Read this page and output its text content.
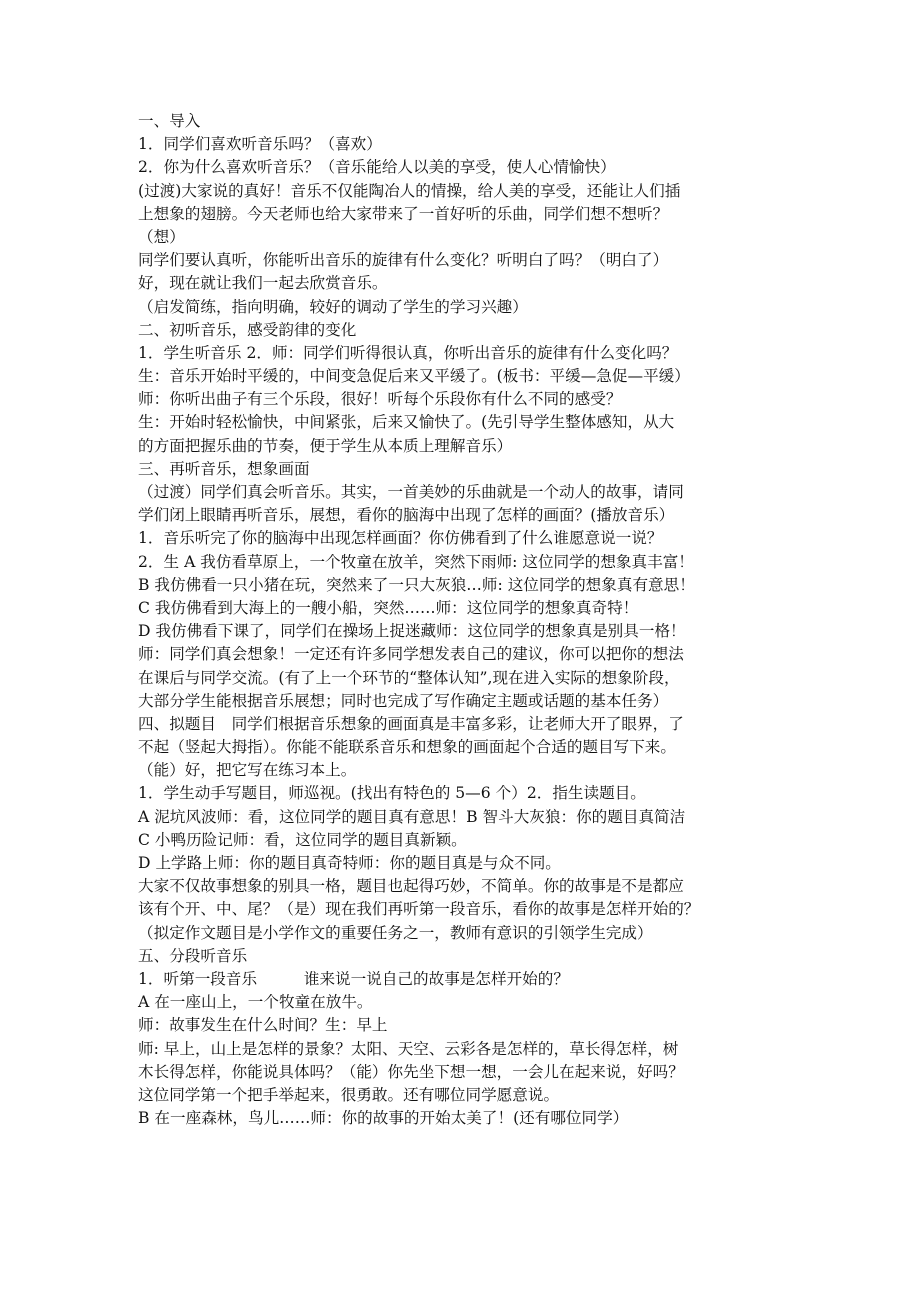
一、导入
1．同学们喜欢听音乐吗？（喜欢）
2．你为什么喜欢听音乐？（音乐能给人以美的享受，使人心情愉快）
(过渡)大家说的真好！音乐不仅能陶冶人的情操，给人美的享受，还能让人们插
上想象的翅膀。今天老师也给大家带来了一首好听的乐曲，同学们想不想听？
（想）
同学们要认真听，你能听出音乐的旋律有什么变化？听明白了吗？（明白了）
好，现在就让我们一起去欣赏音乐。
（启发简练，指向明确，较好的调动了学生的学习兴趣）
二、初听音乐，感受韵律的变化
1．学生听音乐 2．师：同学们听得很认真，你听出音乐的旋律有什么变化吗？
生：音乐开始时平缓的，中间变急促后来又平缓了。(板书：平缓—急促—平缓）
师：你听出曲子有三个乐段，很好！听每个乐段你有什么不同的感受？
生：开始时轻松愉快，中间紧张，后来又愉快了。(先引导学生整体感知，从大
的方面把握乐曲的节奏，便于学生从本质上理解音乐）
三、再听音乐，想象画面
（过渡）同学们真会听音乐。其实，一首美妙的乐曲就是一个动人的故事，请同
学们闭上眼睛再听音乐，展想，看你的脑海中出现了怎样的画面？(播放音乐）
1．音乐听完了你的脑海中出现怎样画面？你仿佛看到了什么谁愿意说一说？
2．生 A 我仿看草原上，一个牧童在放羊，突然下雨师: 这位同学的想象真丰富！
B 我仿佛看一只小猪在玩，突然来了一只大灰狼…师: 这位同学的想象真有意思！
C 我仿佛看到大海上的一艘小船，突然……师：这位同学的想象真奇特！
D 我仿佛看下课了，同学们在操场上捉迷藏师：这位同学的想象真是别具一格！
师：同学们真会想象！一定还有许多同学想发表自己的建议，你可以把你的想法
在课后与同学交流。(有了上一个环节的“整体认知”,现在进入实际的想象阶段，
大部分学生能根据音乐展想；同时也完成了写作确定主题或话题的基本任务）
四、拟题目　同学们根据音乐想象的画面真是丰富多彩，让老师大开了眼界，了
不起（竖起大拇指）。你能不能联系音乐和想象的画面起个合适的题目写下来。
（能）好，把它写在练习本上。
1．学生动手写题目，师巡视。(找出有特色的 5—6 个）2．指生读题目。
A 泥坑风波师：看，这位同学的题目真有意思！B 智斗大灰狼：你的题目真简洁
C 小鸭历险记师：看，这位同学的题目真新颖。
D 上学路上师：你的题目真奇特师：你的题目真是与众不同。
大家不仅故事想象的别具一格，题目也起得巧妙，不简单。你的故事是不是都应
该有个开、中、尾？（是）现在我们再听第一段音乐，看你的故事是怎样开始的？
（拟定作文题目是小学作文的重要任务之一，教师有意识的引领学生完成）
五、分段听音乐
1．听第一段音乐　　　谁来说一说自己的故事是怎样开始的？
A 在一座山上，一个牧童在放牛。
师：故事发生在什么时间？生：早上
师: 早上，山上是怎样的景象？太阳、天空、云彩各是怎样的，草长得怎样，树
木长得怎样，你能说具体吗？（能）你先坐下想一想，一会儿在起来说，好吗？
这位同学第一个把手举起来，很勇敢。还有哪位同学愿意说。
B 在一座森林，鸟儿……师：你的故事的开始太美了！(还有哪位同学）
